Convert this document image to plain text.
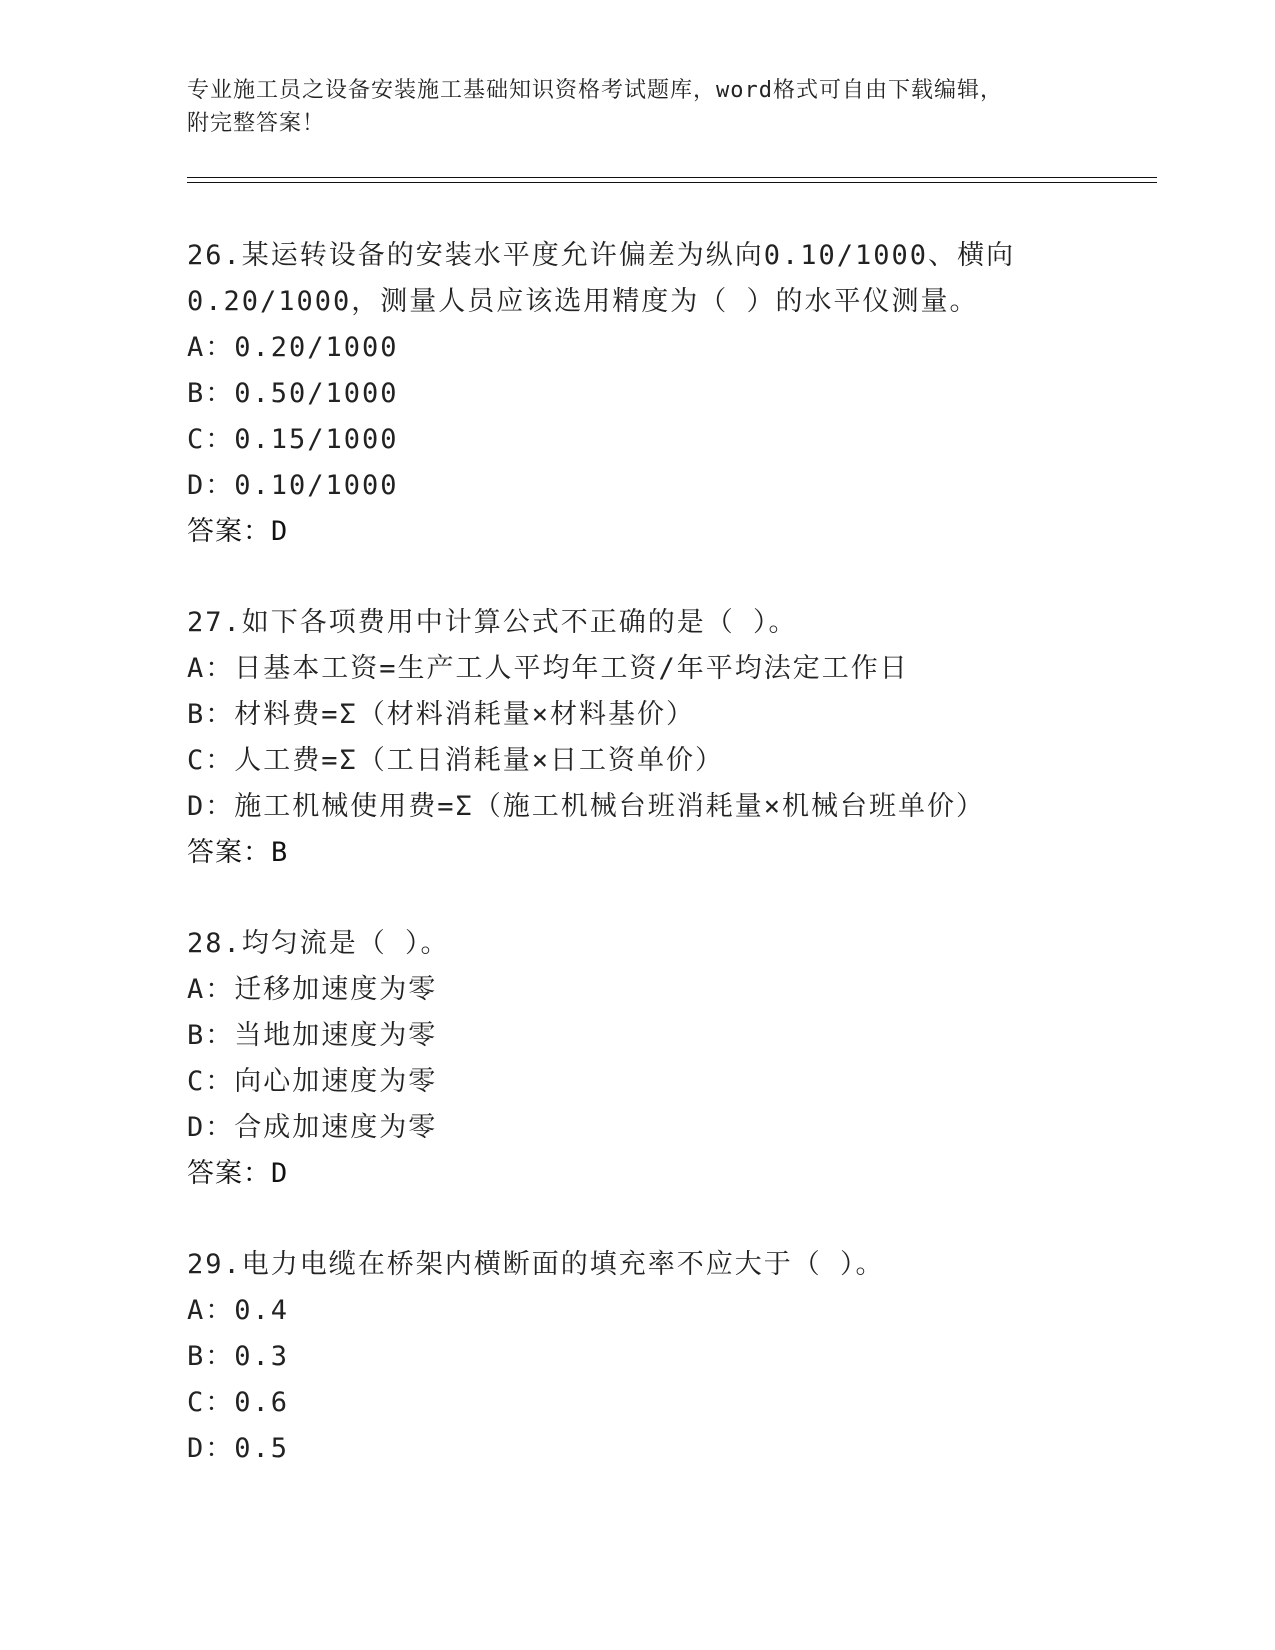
专业施工员之设备安装施工基础知识资格考试题库，word格式可自由下载编辑，
附完整答案！
26.某运转设备的安装水平度允许偏差为纵向0.10/1000、横向
0.20/1000，测量人员应该选用精度为（ ）的水平仪测量。
A：0.20/1000
B：0.50/1000
C：0.15/1000
D：0.10/1000
答案：D
27.如下各项费用中计算公式不正确的是（ ）。
A：日基本工资=生产工人平均年工资/年平均法定工作日
B：材料费=Σ（材料消耗量×材料基价）
C：人工费=Σ（工日消耗量×日工资单价）
D：施工机械使用费=Σ（施工机械台班消耗量×机械台班单价）
答案：B
28.均匀流是（ ）。
A：迁移加速度为零
B：当地加速度为零
C：向心加速度为零
D：合成加速度为零
答案：D
29.电力电缆在桥架内横断面的填充率不应大于（ ）。
A：0.4
B：0.3
C：0.6
D：0.5
